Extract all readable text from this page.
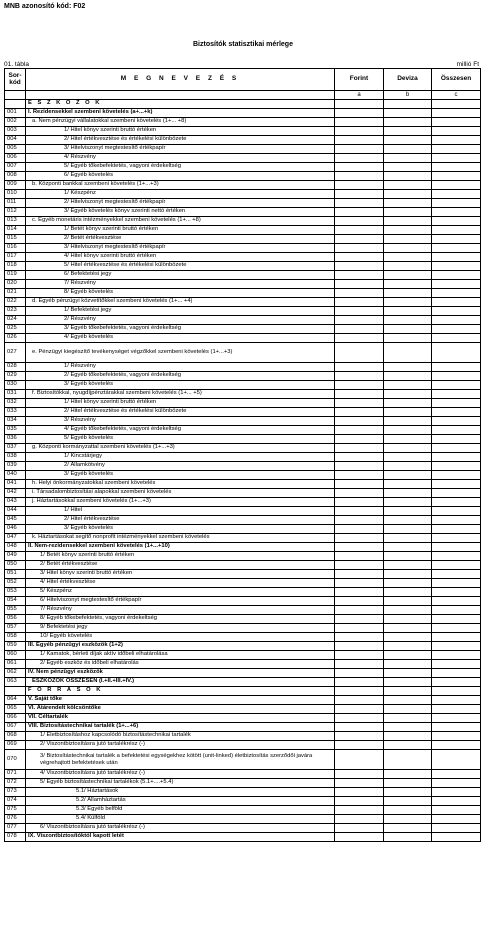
MNB azonosító kód: F02
Biztosítók statisztikai mérlege
01. tábla	millió Ft
Sor-kód	M E G N E V E Z É S	Forint	Deviza	Összesen
		a	b	c
	E S Z K Ö Z Ö K			
001	I. Rezidensekkel szembeni követelés (a+...+k)			
002	a. Nem pénzügyi vállalatokkal szembeni követelés (1+... +8)			
003	1/ Hitel könyv szerinti bruttó értéken			
004	2/ Hitel értékvesztése és értékelési különbözete			
005	3/ Hitelviszonyt megtestesítő értékpapír			
006	4/ Részvény			
007	5/ Egyéb tőkebefektetés, vagyoni érdekeltség			
008	6/ Egyéb követelés			
009	b. Központi bankkal szembeni követelés (1+...+3)			
010	1/ Készpénz			
011	2/ Hitelviszonyt megtestesítő értékpapír			
012	3/ Egyéb követelés könyv szerinti nettó értéken			
013	c. Egyéb monetáris intézményekkel szembeni követelés (1+... +8)			
014	1/ Betét könyv szerinti bruttó értéken			
015	2/ Betét értékvesztése			
016	3/ Hitelviszonyt megtestesítő értékpapír			
017	4/ Hitel könyv szerinti bruttó értéken			
018	5/ Hitel értékvesztése és értékelési különbözete			
019	6/ Befektetési jegy			
020	7/ Részvény			
021	8/ Egyéb követelés			
022	d. Egyéb pénzügyi közvetítőkkel szembeni követelés (1+... +4)			
023	1/ Befektetési jegy			
024	2/ Részvény			
025	3/ Egyéb tőkebefektetés, vagyoni érdekeltség			
026	4/ Egyéb követelés			
027	e. Pénzügyi kiegészítő tevékenységet végzőkkel szembeni követelés (1+...+3)			
028	1/ Részvény			
029	2/ Egyéb tőkebefektetés, vagyoni érdekeltség			
030	3/ Egyéb követelés			
031	f. Biztosítókkal, nyugdíjpénztárakkal szembeni követelés (1+... +5)			
032	1/ Hitel könyv szerinti bruttó értéken			
033	2/ Hitel értékvesztése és értékelési különbözete			
034	3/ Részvény			
035	4/ Egyéb tőkebefektetés, vagyoni érdekeltség			
036	5/ Egyéb követelés			
037	g. Központi kormányzattal szembeni követelés (1+...+3)			
038	1/ Kincstárjegy			
039	2/ Államkötvény			
040	3/ Egyéb követelés			
041	h. Helyi önkormányzatokkal szembeni követelés			
042	i. Társadalombiztosítási alapokkal szembeni követelés			
043	j. Háztartásokkal szembeni követelés (1+...+3)			
044	1/ Hitel			
045	2/ Hitel értékvesztése			
046	3/ Egyéb követelés			
047	k. Háztartásokat segítő nonprofit intézményekkel szembeni követelés			
048	II. Nem-rezidensekkel szembeni követelés (1+...+10)			
049	1/ Betét könyv szerinti bruttó értéken			
050	2/ Betét értékvesztése			
051	3/ Hitel könyv szerinti bruttó értéken			
052	4/ Hitel értékvesztése			
053	5/ Készpénz			
054	6/ Hitelviszonyt megtestesítő értékpapír			
055	7/ Részvény			
056	8/ Egyéb tőkebefektetés, vagyoni érdekeltség			
057	9/ Befektetési jegy			
058	10/ Egyéb követelés			
059	III. Egyéb pénzügyi eszközök (1+2)			
060	1/ Kamatok, bérleti díjak aktív időbeli elhatárolása			
061	2/ Egyéb eszköz és időbeli elhatárolás			
062	IV. Nem pénzügyi eszközök			
063	ESZKÖZÖK ÖSSZESEN (I.+II.+III.+IV.)			
	F O R R Á S O K			
064	V. Saját tőke			
065	VI. Átárendelt kölcsöntőke			
066	VII. Céltartalék			
067	VIII. Biztosítástechnikai tartalék (1+...+6)			
068	1/ Életbiztosításhoz kapcsolódó biztosítástechnikai tartalék			
069	2/ Viszontbiztosításra jutó tartalékrész (-)			
070	3/ Biztosítástechnikai tartalék a befektetési egységekhez kötött (unit-linked) életbiztosítás szerződői javára végrehajtott befektetések után			
071	4/ Viszontbiztosításra jutó tartalékrész (-)			
072	5/ Egyéb biztosítástechnikai tartalékok (5.1+....+5.4)			
073	5.1/ Háztartások			
074	5.2/ Államháztartás			
075	5.3/ Egyéb belföld			
076	5.4/ Külföld			
077	6/ Viszontbiztosításra jutó tartalékrész (-)			
078	IX. Viszontbiztosítóktól kapott letét			
